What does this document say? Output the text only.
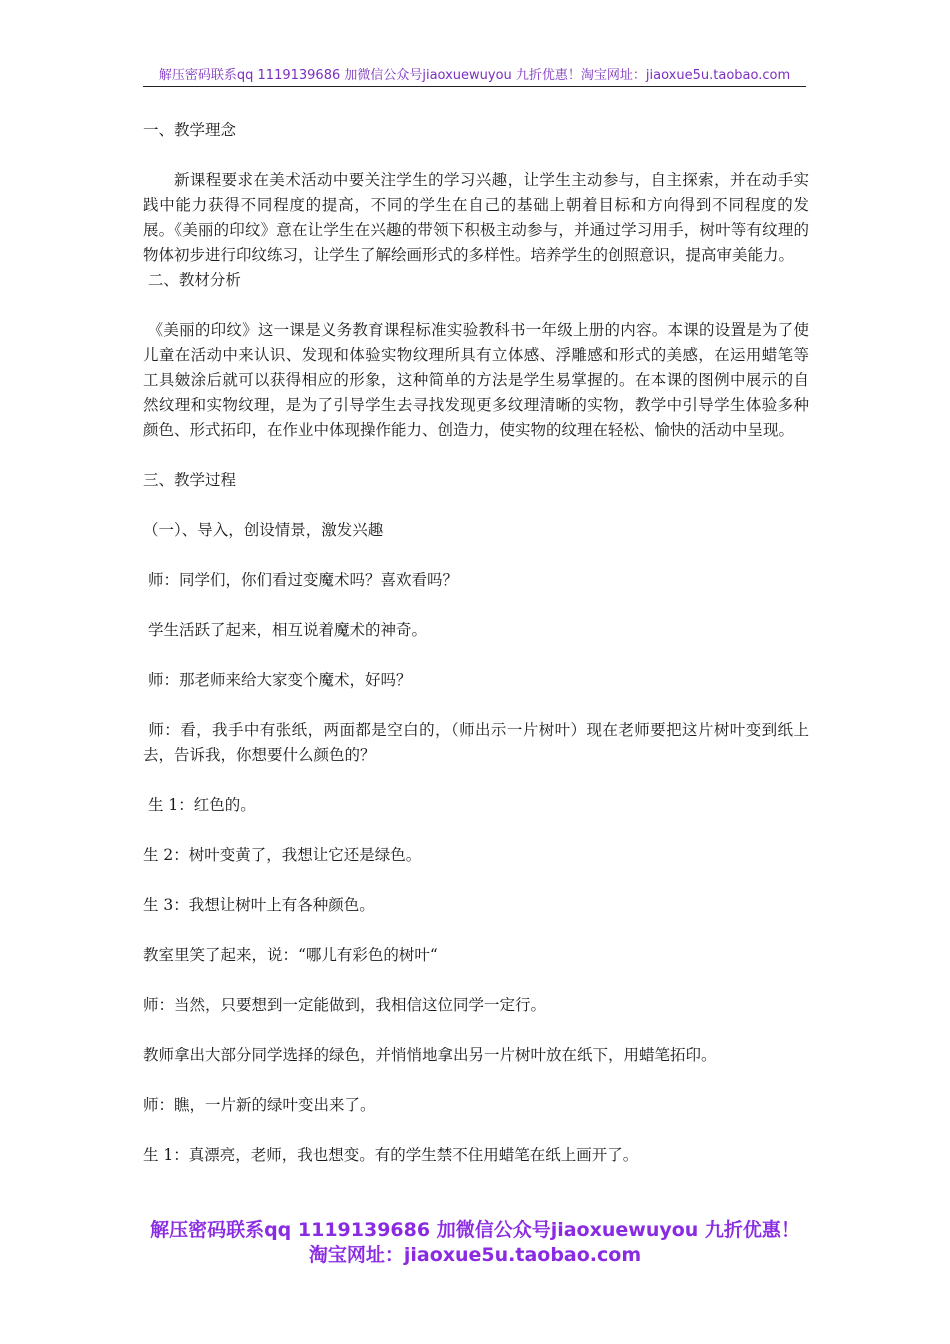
解压密码联系qq 1119139686 加微信公众号jiaoxuewuyou 九折优惠！淘宝网址：jiaoxue5u.taobao.com

一、教学理念

新课程要求在美术活动中要关注学生的学习兴趣，让学生主动参与，自主探索，并在动手实践中能力获得不同程度的提高，不同的学生在自己的基础上朝着目标和方向得到不同程度的发展。《美丽的印纹》意在让学生在兴趣的带领下积极主动参与，并通过学习用手，树叶等有纹理的物体初步进行印纹练习，让学生了解绘画形式的多样性。培养学生的创照意识，提高审美能力。

二、教材分析

《美丽的印纹》这一课是义务教育课程标准实验教科书一年级上册的内容。本课的设置是为了使儿童在活动中来认识、发现和体验实物纹理所具有立体感、浮雕感和形式的美感，在运用蜡笔等工具皴涂后就可以获得相应的形象，这种简单的方法是学生易掌握的。在本课的图例中展示的自然纹理和实物纹理，是为了引导学生去寻找发现更多纹理清晰的实物，教学中引导学生体验多种颜色、形式拓印，在作业中体现操作能力、创造力，使实物的纹理在轻松、愉快的活动中呈现。

三、教学过程

（一）、导入，创设情景，激发兴趣

师：同学们，你们看过变魔术吗？喜欢看吗？

学生活跃了起来，相互说着魔术的神奇。

师：那老师来给大家变个魔术，好吗？

师：看，我手中有张纸，两面都是空白的，（师出示一片树叶）现在老师要把这片树叶变到纸上去，告诉我，你想要什么颜色的？

生 1：红色的。

生 2：树叶变黄了，我想让它还是绿色。

生 3：我想让树叶上有各种颜色。

教室里笑了起来，说：“哪儿有彩色的树叶“

师：当然，只要想到一定能做到，我相信这位同学一定行。

教师拿出大部分同学选择的绿色，并悄悄地拿出另一片树叶放在纸下，用蜡笔拓印。

师：瞧，一片新的绿叶变出来了。

生 1：真漂亮，老师，我也想变。有的学生禁不住用蜡笔在纸上画开了。

解压密码联系qq 1119139686 加微信公众号jiaoxuewuyou 九折优惠！
淘宝网址：jiaoxue5u.taobao.com
